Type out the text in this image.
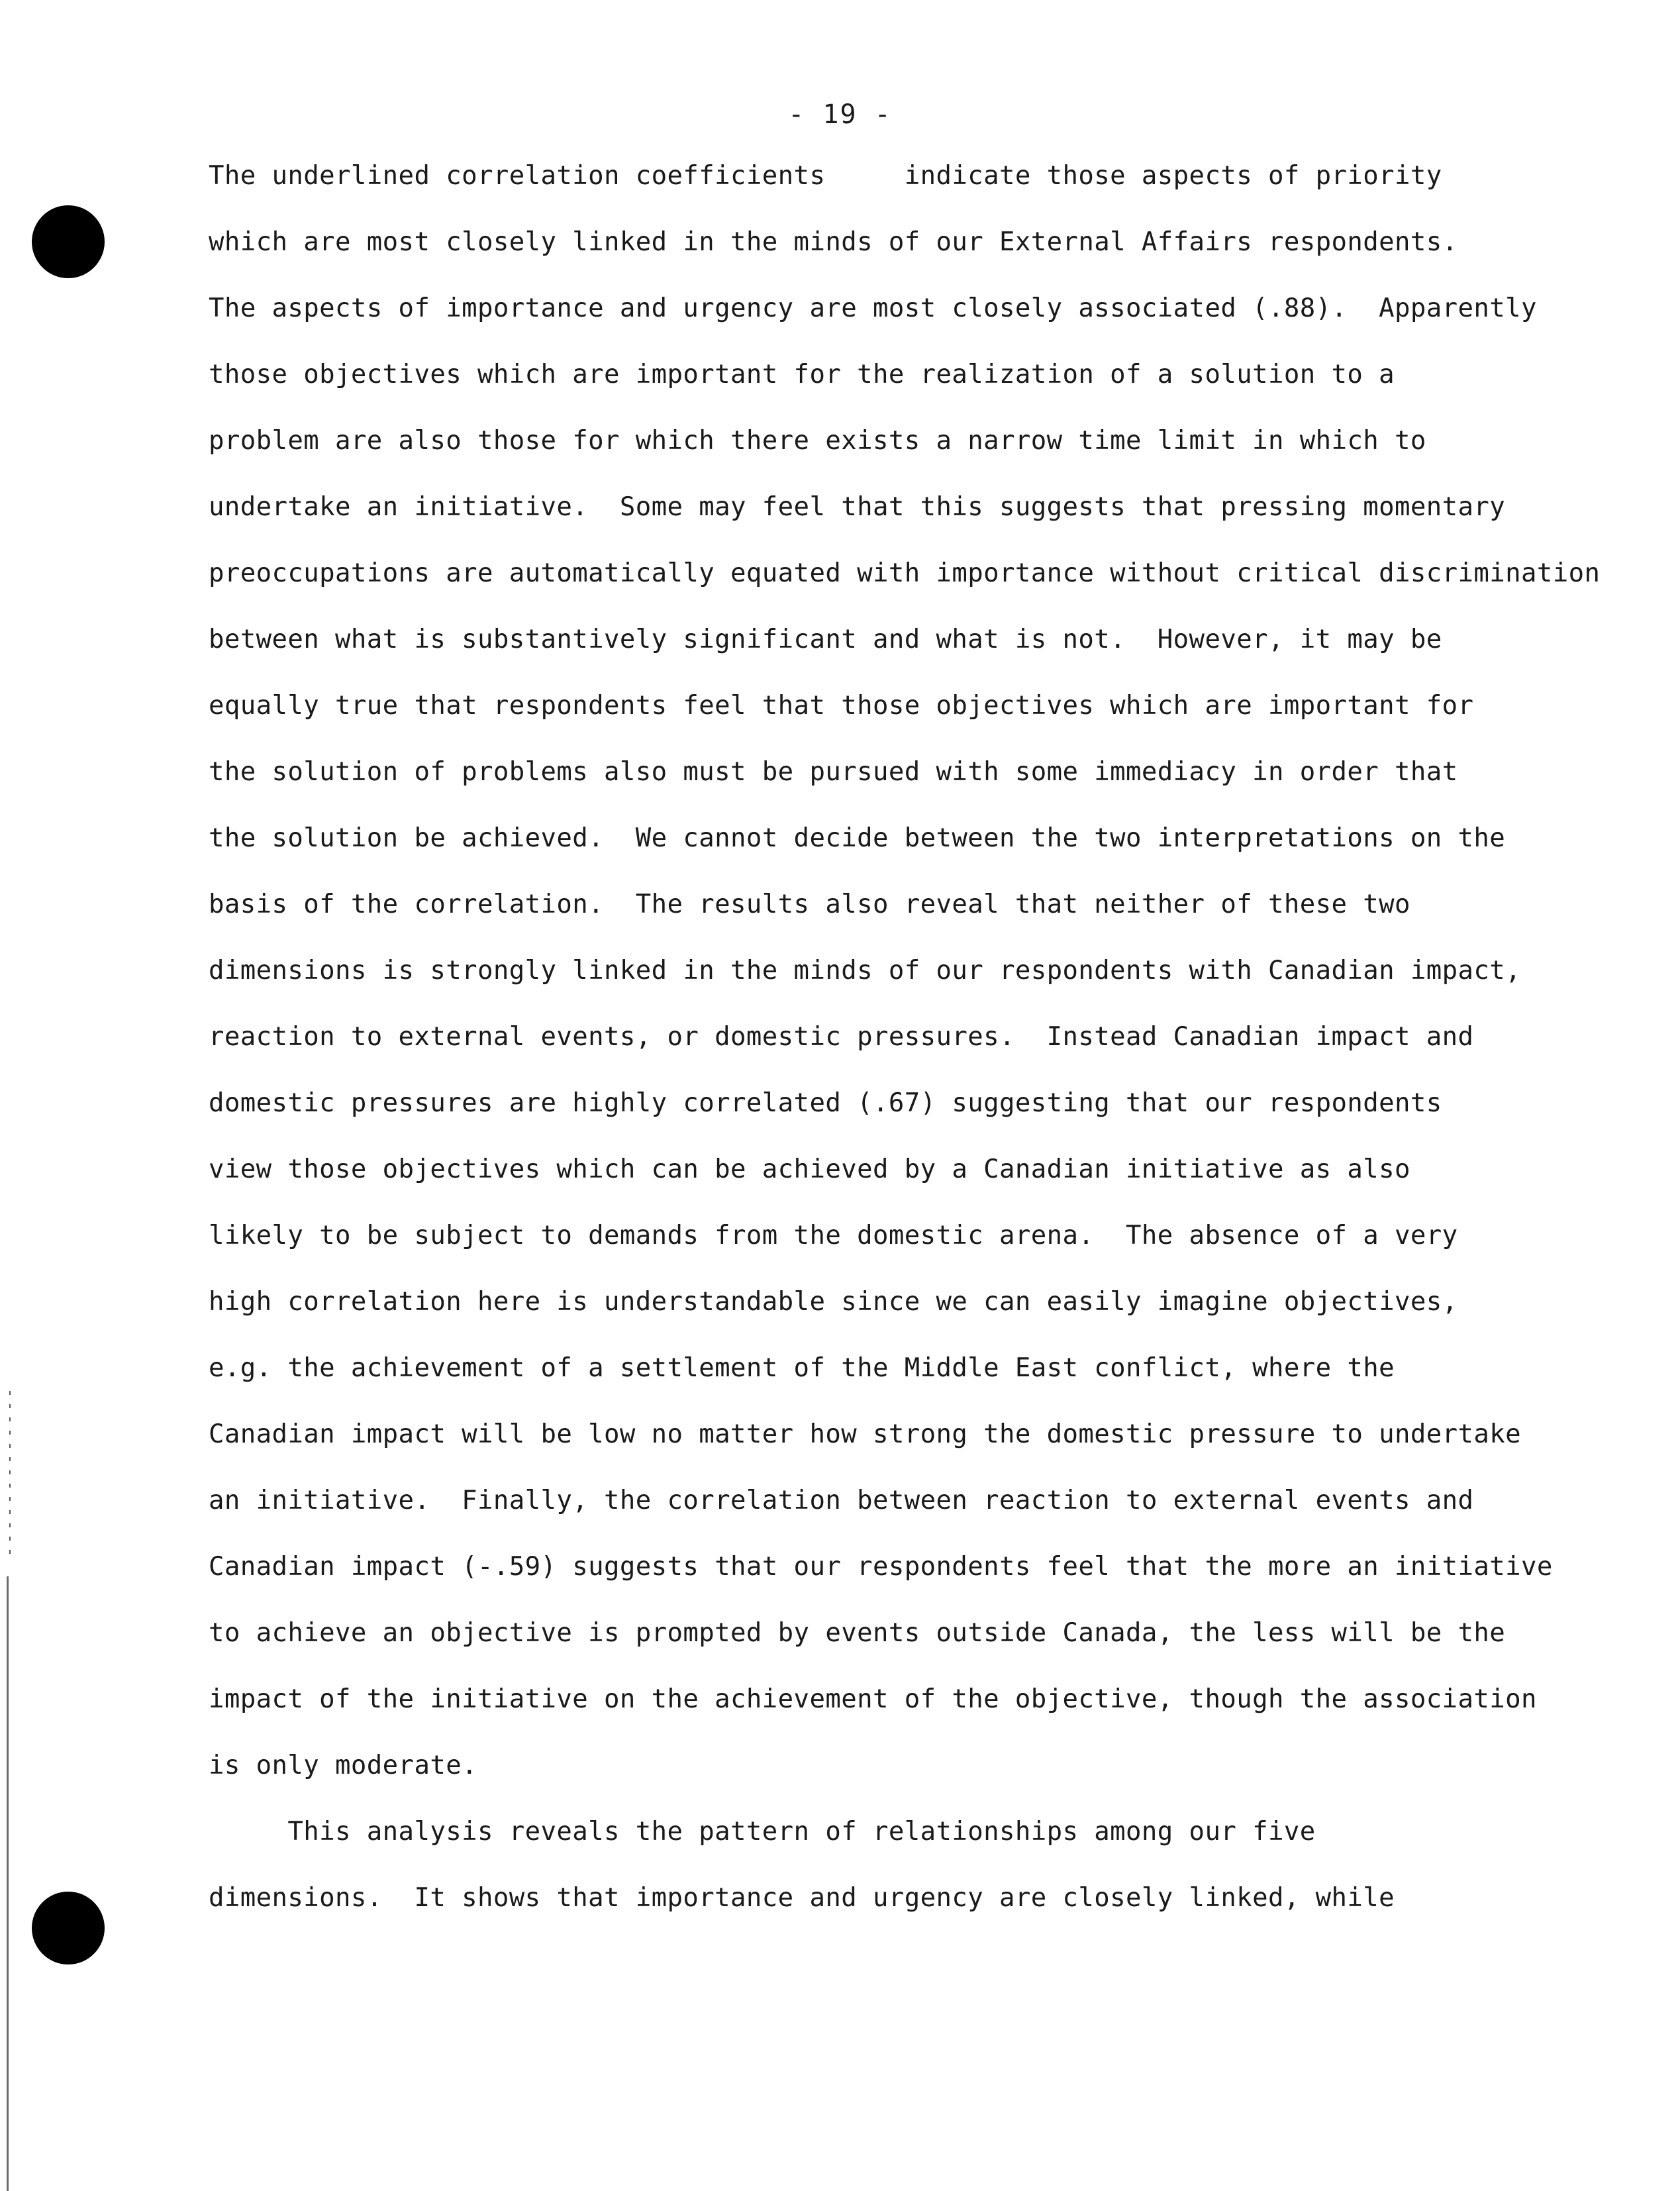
- 19 -
The underlined correlation coefficients     indicate those aspects of priority
which are most closely linked in the minds of our External Affairs respondents.
The aspects of importance and urgency are most closely associated (.88).  Apparently
those objectives which are important for the realization of a solution to a
problem are also those for which there exists a narrow time limit in which to
undertake an initiative.  Some may feel that this suggests that pressing momentary
preoccupations are automatically equated with importance without critical discrimination
between what is substantively significant and what is not.  However, it may be
equally true that respondents feel that those objectives which are important for
the solution of problems also must be pursued with some immediacy in order that
the solution be achieved.  We cannot decide between the two interpretations on the
basis of the correlation.  The results also reveal that neither of these two
dimensions is strongly linked in the minds of our respondents with Canadian impact,
reaction to external events, or domestic pressures.  Instead Canadian impact and
domestic pressures are highly correlated (.67) suggesting that our respondents
view those objectives which can be achieved by a Canadian initiative as also
likely to be subject to demands from the domestic arena.  The absence of a very
high correlation here is understandable since we can easily imagine objectives,
e.g. the achievement of a settlement of the Middle East conflict, where the
Canadian impact will be low no matter how strong the domestic pressure to undertake
an initiative.  Finally, the correlation between reaction to external events and
Canadian impact (-.59) suggests that our respondents feel that the more an initiative
to achieve an objective is prompted by events outside Canada, the less will be the
impact of the initiative on the achievement of the objective, though the association
is only moderate.
This analysis reveals the pattern of relationships among our five
dimensions.  It shows that importance and urgency are closely linked, while
